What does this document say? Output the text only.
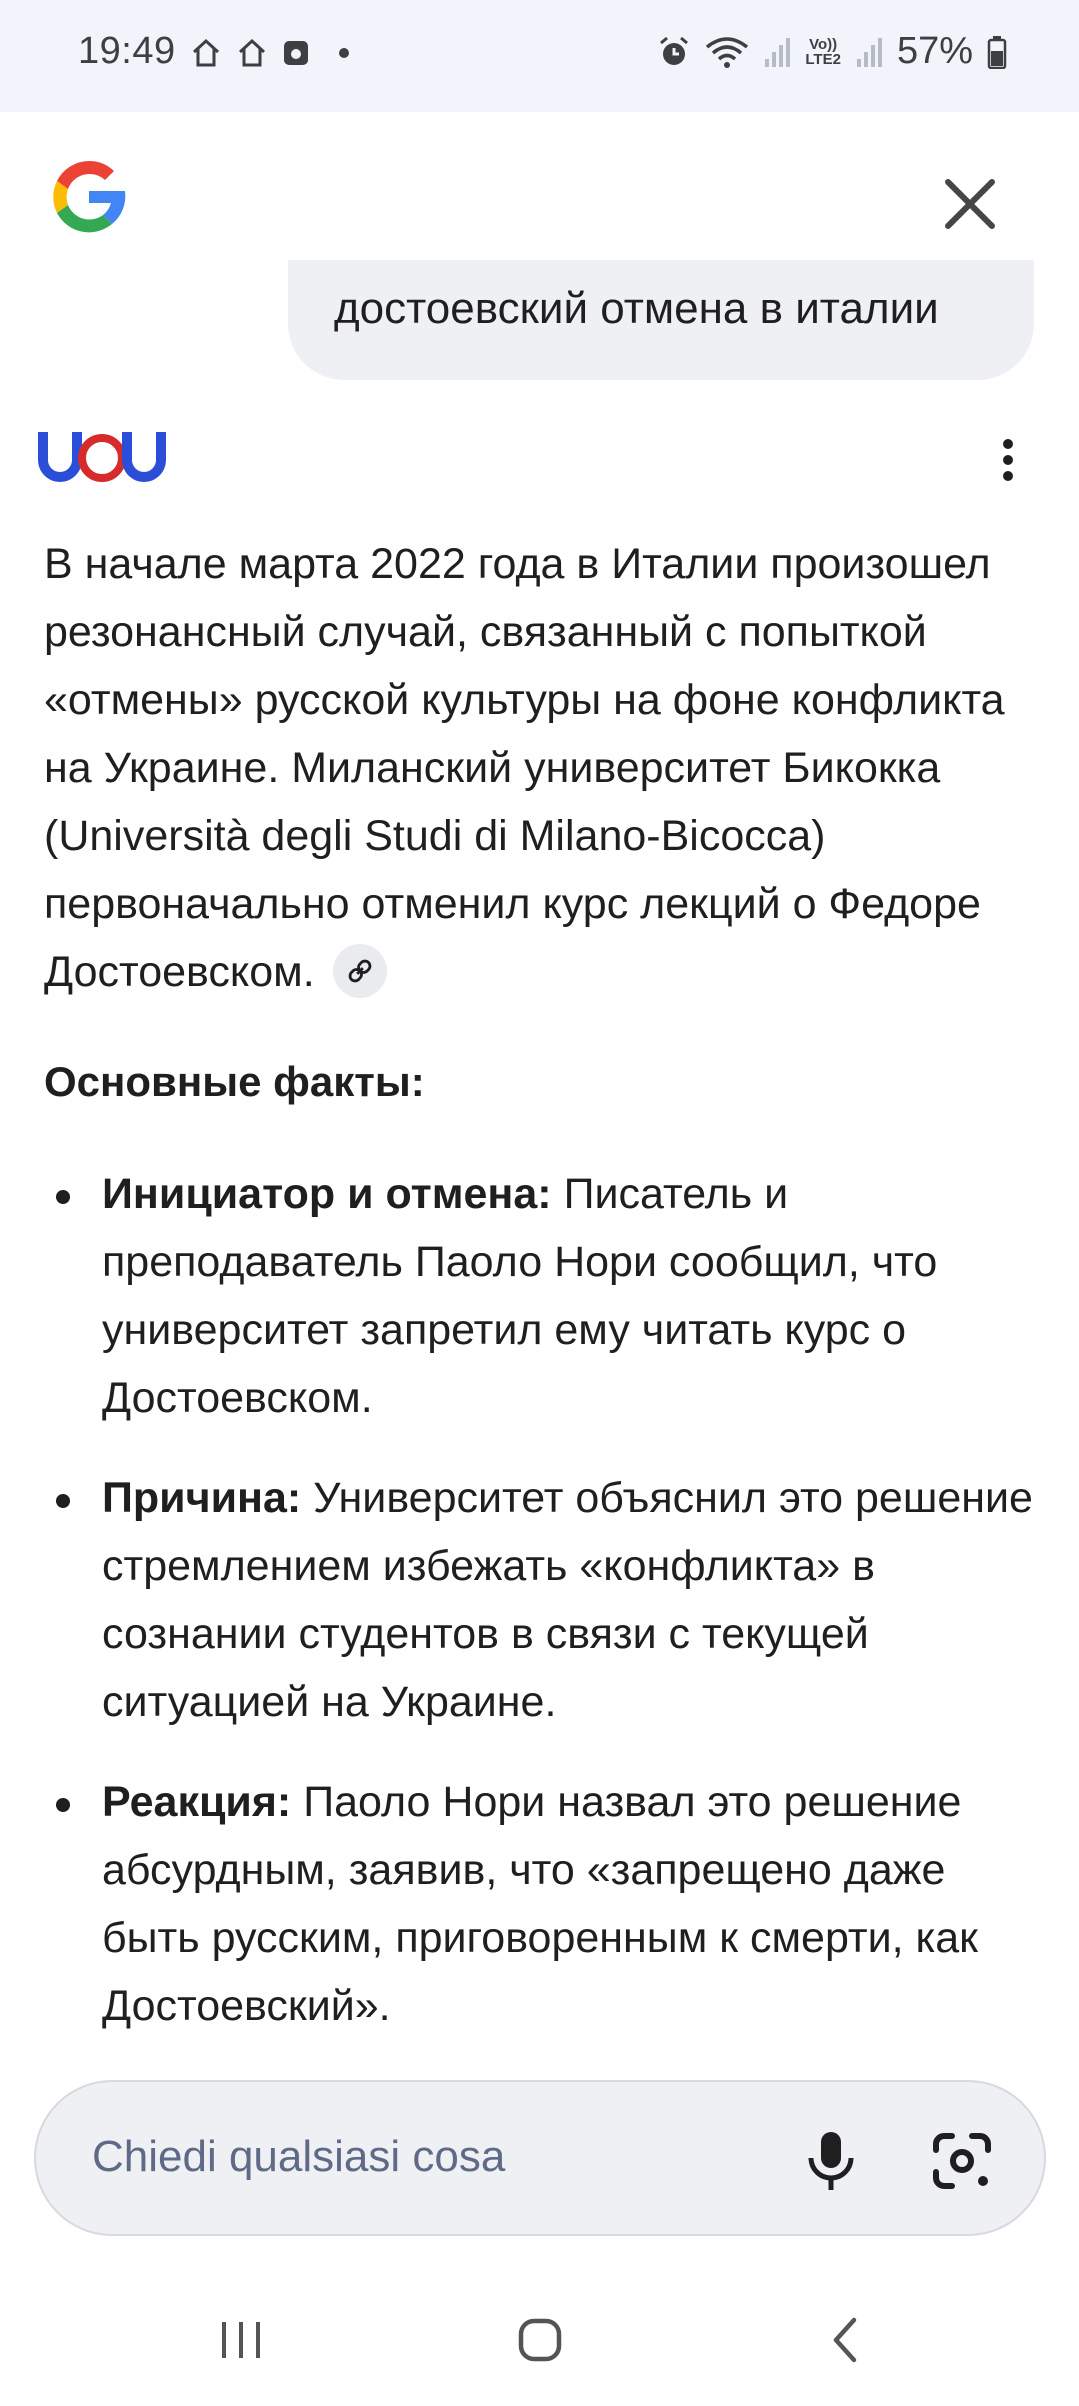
19:49	Vo))
LTE2 57%
достоевский отмена в италии
В начале марта 2022 года в Италии произошел резонансный случай, связанный с попыткой «отмены» русской культуры на фоне конфликта на Украине. Миланский университет Бикокка (Università degli Studi di Milano-Bicocca) первоначально отменил курс лекций о Федоре Достоевском.
Основные факты:
Инициатор и отмена: Писатель и преподаватель Паоло Нори сообщил, что университет запретил ему читать курс о Достоевском.
Причина: Университет объяснил это решение стремлением избежать «конфликта» в сознании студентов в связи с текущей ситуацией на Украине.
Реакция: Паоло Нори назвал это решение абсурдным, заявив, что «запрещено даже быть русским, приговоренным к смерти, как Достоевский».
Chiedi qualsiasi cosa
